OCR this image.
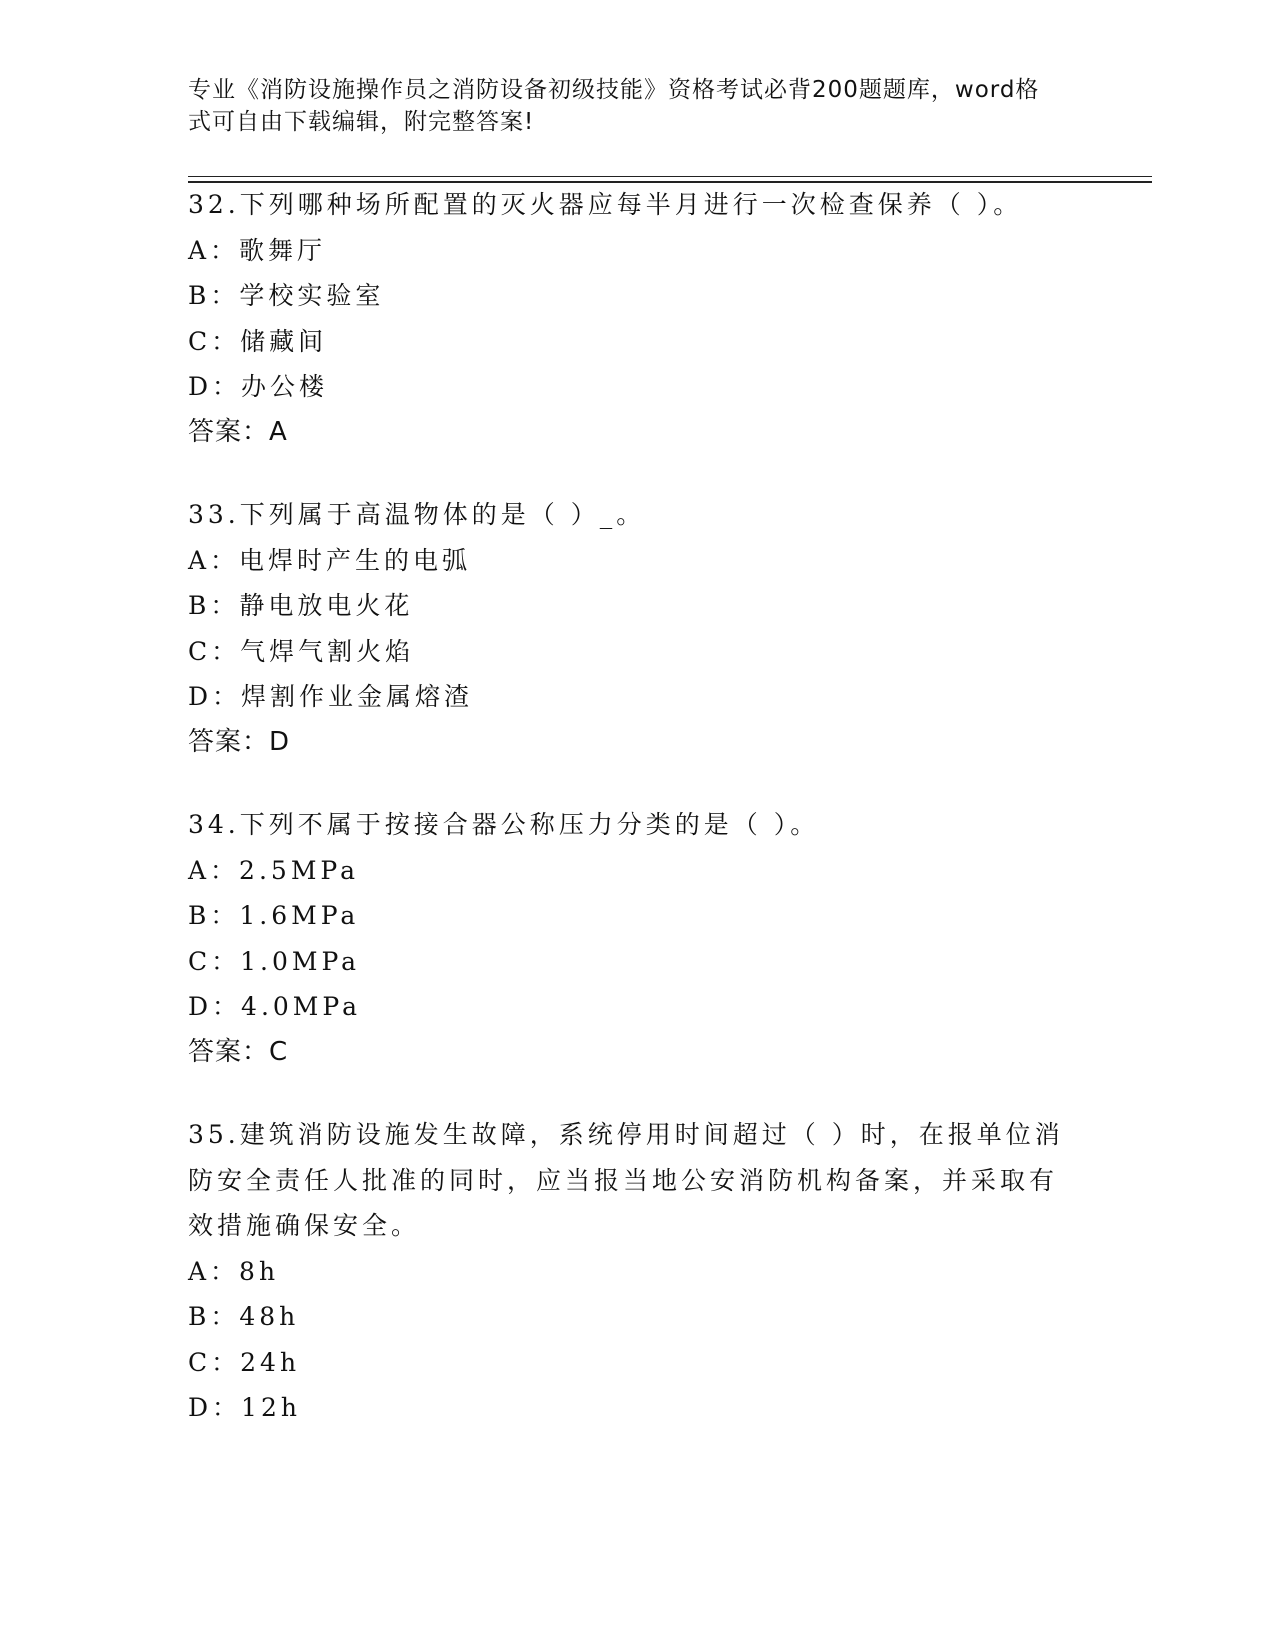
专业《消防设施操作员之消防设备初级技能》资格考试必背200题题库，word格
式可自由下载编辑，附完整答案!
32.下列哪种场所配置的灭火器应每半月进行一次检查保养（ ）。
A：歌舞厅
B：学校实验室
C：储藏间
D：办公楼
答案：A
33.下列属于高温物体的是（ ）_。
A：电焊时产生的电弧
B：静电放电火花
C：气焊气割火焰
D：焊割作业金属熔渣
答案：D
34.下列不属于按接合器公称压力分类的是（ ）。
A：2.5MPa
B：1.6MPa
C：1.0MPa
D：4.0MPa
答案：C
35.建筑消防设施发生故障，系统停用时间超过（ ）时，在报单位消
防安全责任人批准的同时，应当报当地公安消防机构备案，并采取有
效措施确保安全。
A：8h
B：48h
C：24h
D：12h
